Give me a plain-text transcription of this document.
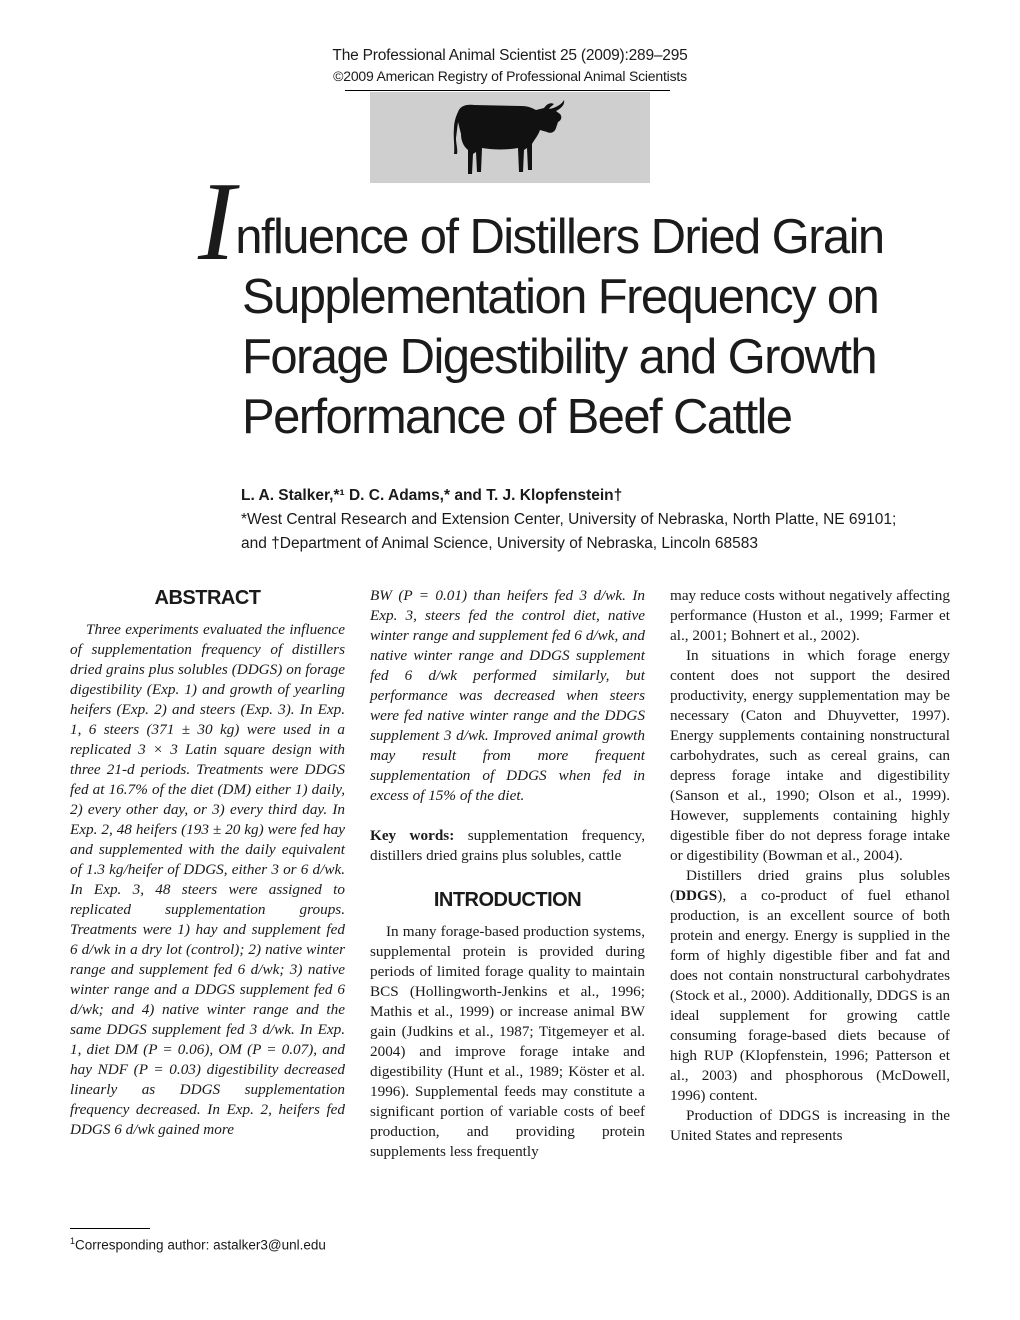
The Professional Animal Scientist 25 (2009):289–295
©2009 American Registry of Professional Animal Scientists
Influence of Distillers Dried Grain
Supplementation Frequency on
Forage Digestibility and Growth
Performance of Beef Cattle
L. A. Stalker,*¹ D. C. Adams,* and T. J. Klopfenstein†
*West Central Research and Extension Center, University of Nebraska, North Platte, NE 69101;
and †Department of Animal Science, University of Nebraska, Lincoln 68583
ABSTRACT

Three experiments evaluated the influence of supplementation frequency of distillers dried grains plus solubles (DDGS) on forage digestibility (Exp. 1) and growth of yearling heifers (Exp. 2) and steers (Exp. 3). In Exp. 1, 6 steers (371 ± 30 kg) were used in a replicated 3 × 3 Latin square design with three 21-d periods. Treatments were DDGS fed at 16.7% of the diet (DM) either 1) daily, 2) every other day, or 3) every third day. In Exp. 2, 48 heifers (193 ± 20 kg) were fed hay and supplemented with the daily equivalent of 1.3 kg/heifer of DDGS, either 3 or 6 d/wk. In Exp. 3, 48 steers were assigned to replicated supplementation groups. Treatments were 1) hay and supplement fed 6 d/wk in a dry lot (control); 2) native winter range and supplement fed 6 d/wk; 3) native winter range and a DDGS supplement fed 6 d/wk; and 4) native winter range and the same DDGS supplement fed 3 d/wk. In Exp. 1, diet DM (P = 0.06), OM (P = 0.07), and hay NDF (P = 0.03) digestibility decreased linearly as DDGS supplementation frequency decreased. In Exp. 2, heifers fed DDGS 6 d/wk gained more

BW (P = 0.01) than heifers fed 3 d/wk. In Exp. 3, steers fed the control diet, native winter range and supplement fed 6 d/wk, and native winter range and DDGS supplement fed 6 d/wk performed similarly, but performance was decreased when steers were fed native winter range and the DDGS supplement 3 d/wk. Improved animal growth may result from more frequent supplementation of DDGS when fed in excess of 15% of the diet.

Key words: supplementation frequency, distillers dried grains plus solubles, cattle

INTRODUCTION

In many forage-based production systems, supplemental protein is provided during periods of limited forage quality to maintain BCS (Hollingworth-Jenkins et al., 1996; Mathis et al., 1999) or increase animal BW gain (Judkins et al., 1987; Titgemeyer et al. 2004) and improve forage intake and digestibility (Hunt et al., 1989; Köster et al. 1996). Supplemental feeds may constitute a significant portion of variable costs of beef production, and providing protein supplements less frequently

may reduce costs without negatively affecting performance (Huston et al., 1999; Farmer et al., 2001; Bohnert et al., 2002).

In situations in which forage energy content does not support the desired productivity, energy supplementation may be necessary (Caton and Dhuyvetter, 1997). Energy supplements containing nonstructural carbohydrates, such as cereal grains, can depress forage intake and digestibility (Sanson et al., 1990; Olson et al., 1999). However, supplements containing highly digestible fiber do not depress forage intake or digestibility (Bowman et al., 2004).

Distillers dried grains plus solubles (DDGS), a co-product of fuel ethanol production, is an excellent source of both protein and energy. Energy is supplied in the form of highly digestible fiber and fat and does not contain nonstructural carbohydrates (Stock et al., 2000). Additionally, DDGS is an ideal supplement for growing cattle consuming forage-based diets because of high RUP (Klopfenstein, 1996; Patterson et al., 2003) and phosphorous (McDowell, 1996) content.

Production of DDGS is increasing in the United States and represents

$^1$Corresponding author: astalker3@unl.edu
